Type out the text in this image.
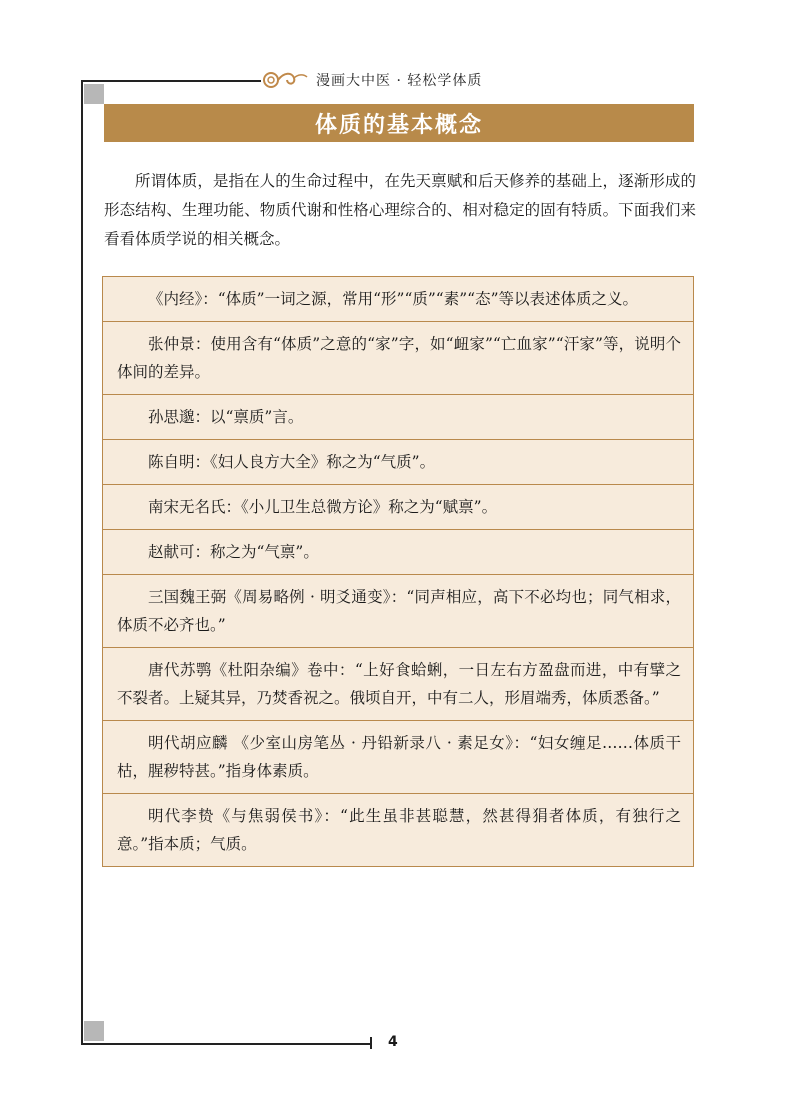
漫画大中医 · 轻松学体质
体质的基本概念

所谓体质，是指在人的生命过程中，在先天禀赋和后天修养的基础上，逐渐形成的形态结构、生理功能、物质代谢和性格心理综合的、相对稳定的固有特质。下面我们来看看体质学说的相关概念。

《内经》：“体质”一词之源，常用“形”“质”“素”“态”等以表述体质之义。
张仲景：使用含有“体质”之意的“家”字，如“衄家”“亡血家”“汗家”等，说明个体间的差异。
孙思邈：以“禀质”言。
陈自明：《妇人良方大全》称之为“气质”。
南宋无名氏：《小儿卫生总微方论》称之为“赋禀”。
赵献可：称之为“气禀”。
三国魏王弼《周易略例 · 明爻通变》：“同声相应，高下不必均也；同气相求，体质不必齐也。”
唐代苏鹗《杜阳杂编》卷中：“上好食蛤蜊，一日左右方盈盘而进，中有擘之不裂者。上疑其异，乃焚香祝之。俄顷自开，中有二人，形眉端秀，体质悉备。”
明代胡应麟 《少室山房笔丛 · 丹铅新录八 · 素足女》：“妇女缠足……体质干枯，腥秽特甚。”指身体素质。
明代李贽《与焦弱侯书》：“此生虽非甚聪慧，然甚得狷者体质，有独行之意。”指本质；气质。
4
